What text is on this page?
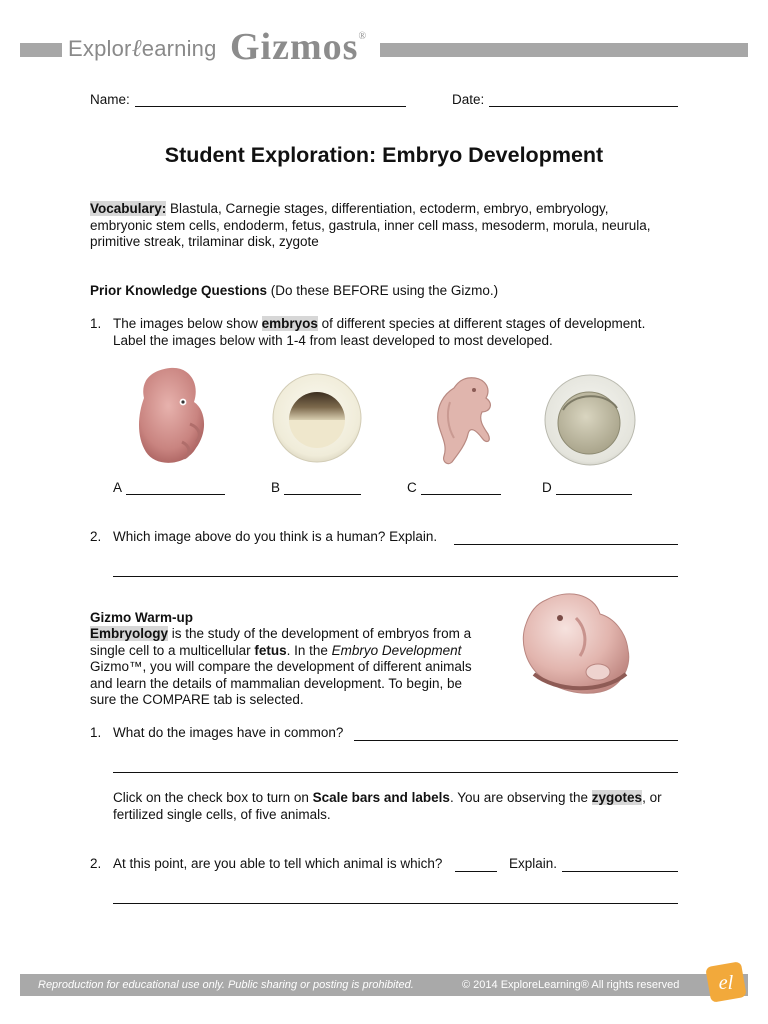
Explorℓearning Gizmos®
Name:	Date:
Student Exploration: Embryo Development
Vocabulary: Blastula, Carnegie stages, differentiation, ectoderm, embryo, embryology,
embryonic stem cells, endoderm, fetus, gastrula, inner cell mass, mesoderm, morula, neurula,
primitive streak, trilaminar disk, zygote
Prior Knowledge Questions (Do these BEFORE using the Gizmo.)
1. The images below show embryos of different species at different stages of development.
Label the images below with 1-4 from least developed to most developed.
A	B	C	D
2. Which image above do you think is a human? Explain.
Gizmo Warm-up
Embryology is the study of the development of embryos from a
single cell to a multicellular fetus. In the Embryo Development
Gizmo™, you will compare the development of different animals
and learn the details of mammalian development. To begin, be
sure the COMPARE tab is selected.
1. What do the images have in common?
Click on the check box to turn on Scale bars and labels. You are observing the zygotes, or
fertilized single cells, of five animals.
2. At this point, are you able to tell which animal is which?	Explain.
Reproduction for educational use only. Public sharing or posting is prohibited.	© 2014 ExploreLearning® All rights reserved el
